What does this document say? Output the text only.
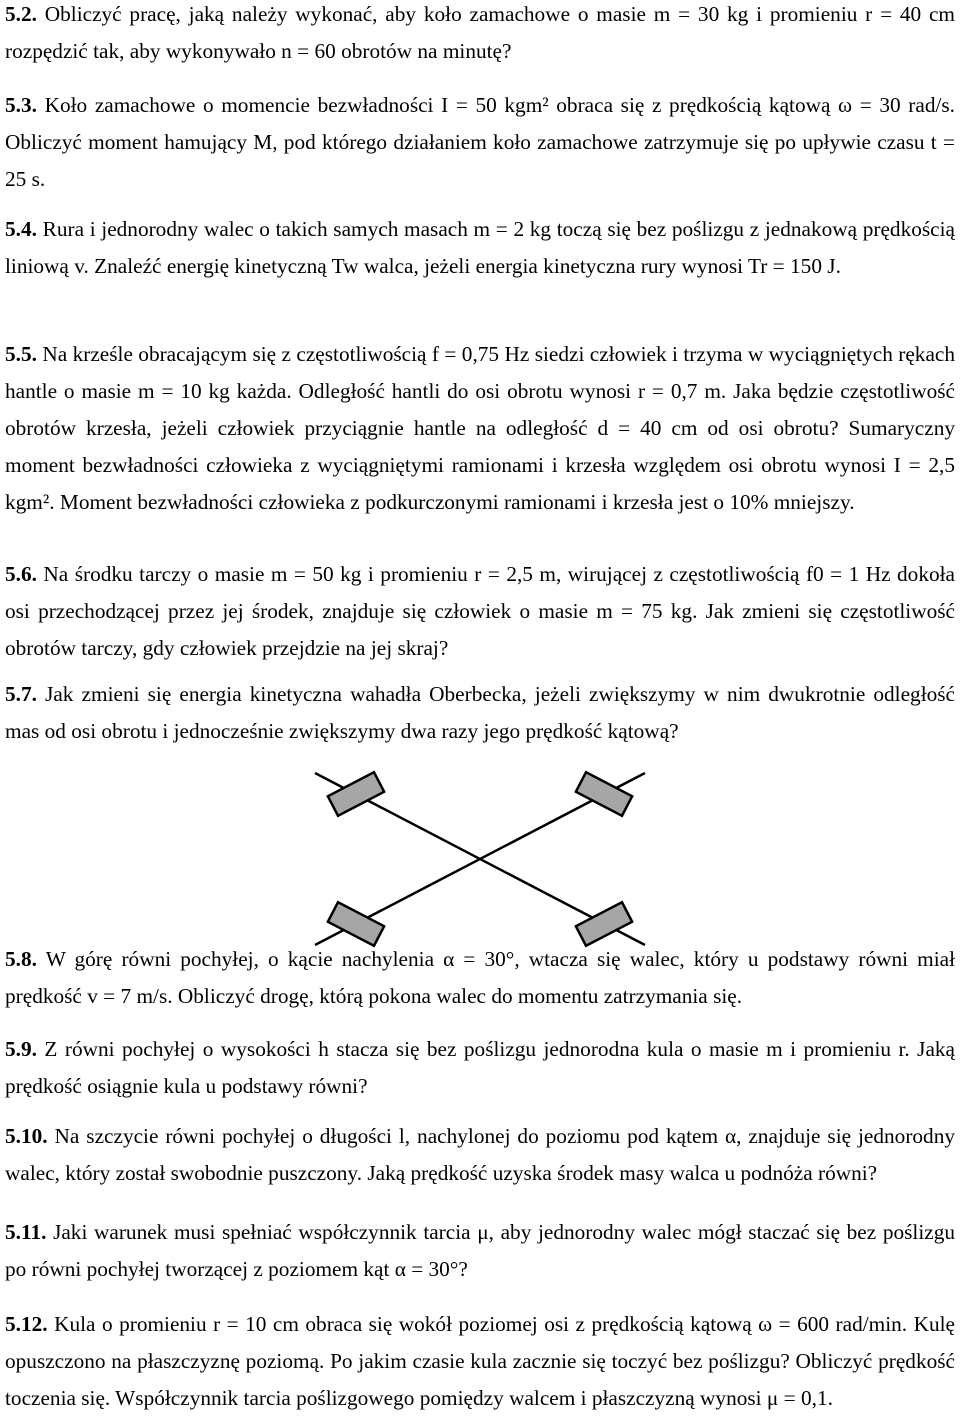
5.2. Obliczyć pracę, jaką należy wykonać, aby koło zamachowe o masie m = 30 kg i promieniu r = 40 cm rozpędzić tak, aby wykonywało n = 60 obrotów na minutę?

5.3. Koło zamachowe o momencie bezwładności I = 50 kgm² obraca się z prędkością kątową ω = 30 rad/s. Obliczyć moment hamujący M, pod którego działaniem koło zamachowe zatrzymuje się po upływie czasu t = 25 s.

5.4. Rura i jednorodny walec o takich samych masach m = 2 kg toczą się bez poślizgu z jednakową prędkością liniową v. Znaleźć energię kinetyczną Tw walca, jeżeli energia kinetyczna rury wynosi Tr = 150 J.

5.5. Na krześle obracającym się z częstotliwością f = 0,75 Hz siedzi człowiek i trzyma w wyciągniętych rękach hantle o masie m = 10 kg każda. Odległość hantli do osi obrotu wynosi r = 0,7 m. Jaka będzie częstotliwość obrotów krzesła, jeżeli człowiek przyciągnie hantle na odległość d = 40 cm od osi obrotu? Sumaryczny moment bezwładności człowieka z wyciągniętymi ramionami i krzesła względem osi obrotu wynosi I = 2,5 kgm². Moment bezwładności człowieka z podkurczonymi ramionami i krzesła jest o 10% mniejszy.

5.6. Na środku tarczy o masie m = 50 kg i promieniu r = 2,5 m, wirującej z częstotliwością f0 = 1 Hz dokoła osi przechodzącej przez jej środek, znajduje się człowiek o masie m = 75 kg. Jak zmieni się częstotliwość obrotów tarczy, gdy człowiek przejdzie na jej skraj?

5.7. Jak zmieni się energia kinetyczna wahadła Oberbecka, jeżeli zwiększymy w nim dwukrotnie odległość mas od osi obrotu i jednocześnie zwiększymy dwa razy jego prędkość kątową?

5.8. W górę równi pochyłej, o kącie nachylenia α = 30°, wtacza się walec, który u podstawy równi miał prędkość v = 7 m/s. Obliczyć drogę, którą pokona walec do momentu zatrzymania się.

5.9. Z równi pochyłej o wysokości h stacza się bez poślizgu jednorodna kula o masie m i promieniu r. Jaką prędkość osiągnie kula u podstawy równi?

5.10. Na szczycie równi pochyłej o długości l, nachylonej do poziomu pod kątem α, znajduje się jednorodny walec, który został swobodnie puszczony. Jaką prędkość uzyska środek masy walca u podnóża równi?

5.11. Jaki warunek musi spełniać współczynnik tarcia μ, aby jednorodny walec mógł staczać się bez poślizgu po równi pochyłej tworzącej z poziomem kąt α = 30°?

5.12. Kula o promieniu r = 10 cm obraca się wokół poziomej osi z prędkością kątową ω = 600 rad/min. Kulę opuszczono na płaszczyznę poziomą. Po jakim czasie kula zacznie się toczyć bez poślizgu? Obliczyć prędkość toczenia się. Współczynnik tarcia poślizgowego pomiędzy walcem i płaszczyzną wynosi μ = 0,1.
